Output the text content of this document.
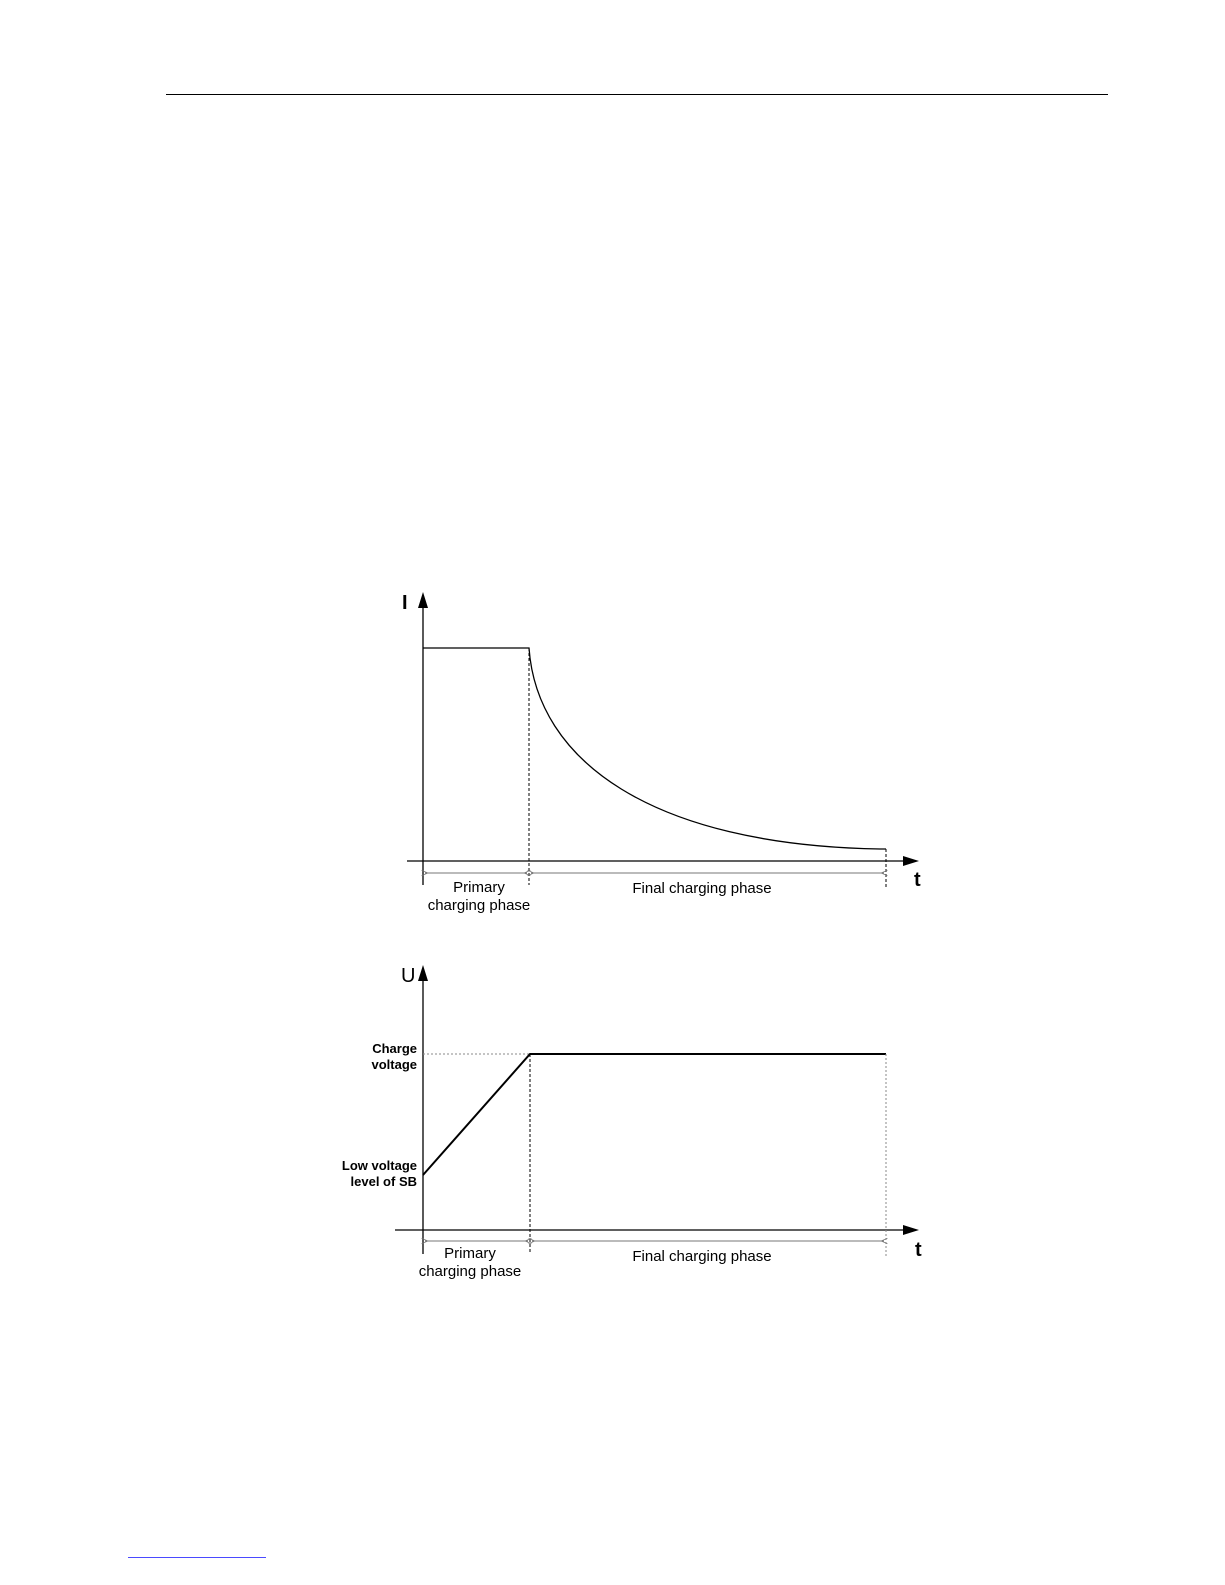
I
t
Primary
charging phase
Final charging phase
U
t
Charge
voltage
Low voltage
level of SB
Primary
charging phase
Final charging phase
